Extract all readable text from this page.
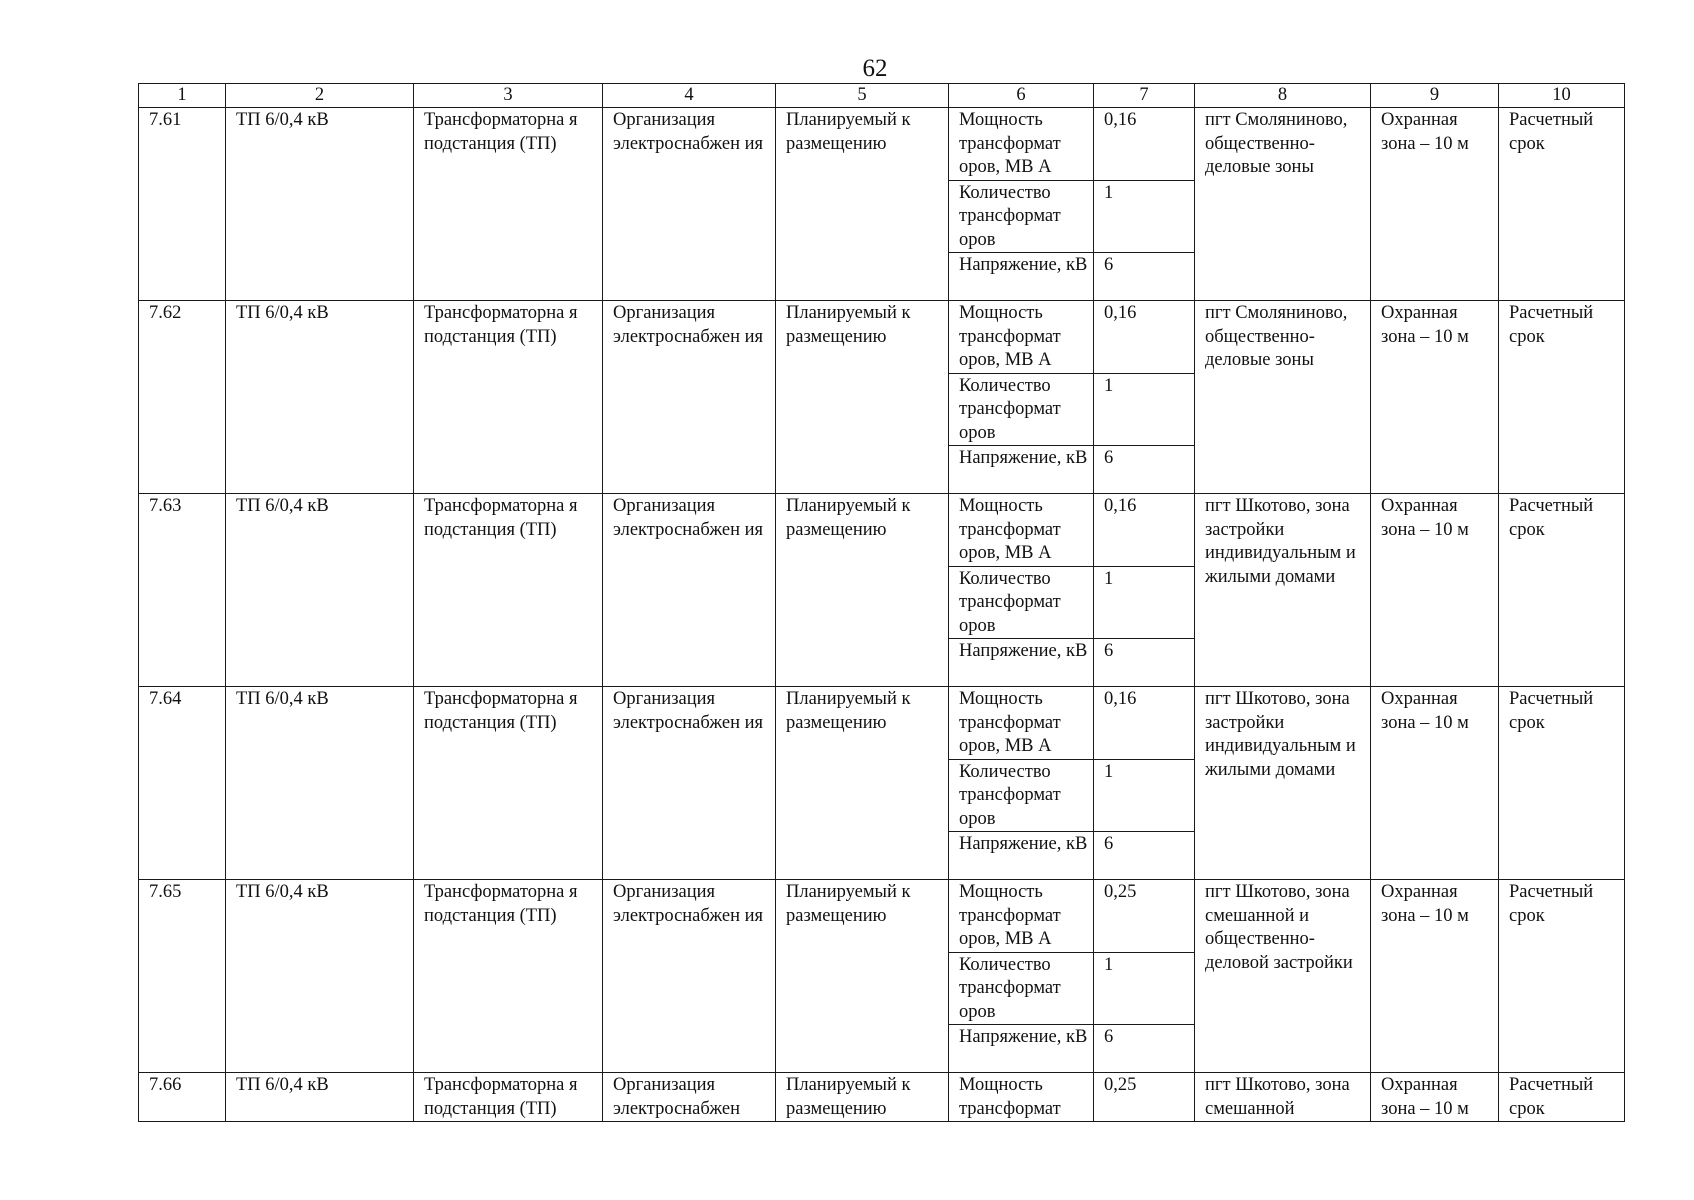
62
1	2	3	4	5	6	7	8	9	10
7.61	ТП 6/0,4 кВ	Трансформаторна я подстанция (ТП)	Организация электроснабжен ия	Планируемый к размещению	Мощность трансформат оров, МВ А	0,16	пгт Смоляниново, общественно-деловые зоны	Охранная зона – 10 м	Расчетный срок
					Количество трансформат оров	1			
					Напряжение, кВ	6			
7.62	ТП 6/0,4 кВ	Трансформаторна я подстанция (ТП)	Организация электроснабжен ия	Планируемый к размещению	Мощность трансформат оров, МВ А	0,16	пгт Смоляниново, общественно-деловые зоны	Охранная зона – 10 м	Расчетный срок
					Количество трансформат оров	1			
					Напряжение, кВ	6			
7.63	ТП 6/0,4 кВ	Трансформаторна я подстанция (ТП)	Организация электроснабжен ия	Планируемый к размещению	Мощность трансформат оров, МВ А	0,16	пгт Шкотово, зона застройки индивидуальным и жилыми домами	Охранная зона – 10 м	Расчетный срок
					Количество трансформат оров	1			
					Напряжение, кВ	6			
7.64	ТП 6/0,4 кВ	Трансформаторна я подстанция (ТП)	Организация электроснабжен ия	Планируемый к размещению	Мощность трансформат оров, МВ А	0,16	пгт Шкотово, зона застройки индивидуальным и жилыми домами	Охранная зона – 10 м	Расчетный срок
					Количество трансформат оров	1			
					Напряжение, кВ	6			
7.65	ТП 6/0,4 кВ	Трансформаторна я подстанция (ТП)	Организация электроснабжен ия	Планируемый к размещению	Мощность трансформат оров, МВ А	0,25	пгт Шкотово, зона смешанной и общественно-деловой застройки	Охранная зона – 10 м	Расчетный срок
					Количество трансформат оров	1			
					Напряжение, кВ	6			
7.66	ТП 6/0,4 кВ	Трансформаторна я подстанция (ТП)	Организация электроснабжен	Планируемый к размещению	Мощность трансформат	0,25	пгт Шкотово, зона смешанной	Охранная зона – 10 м	Расчетный срок
